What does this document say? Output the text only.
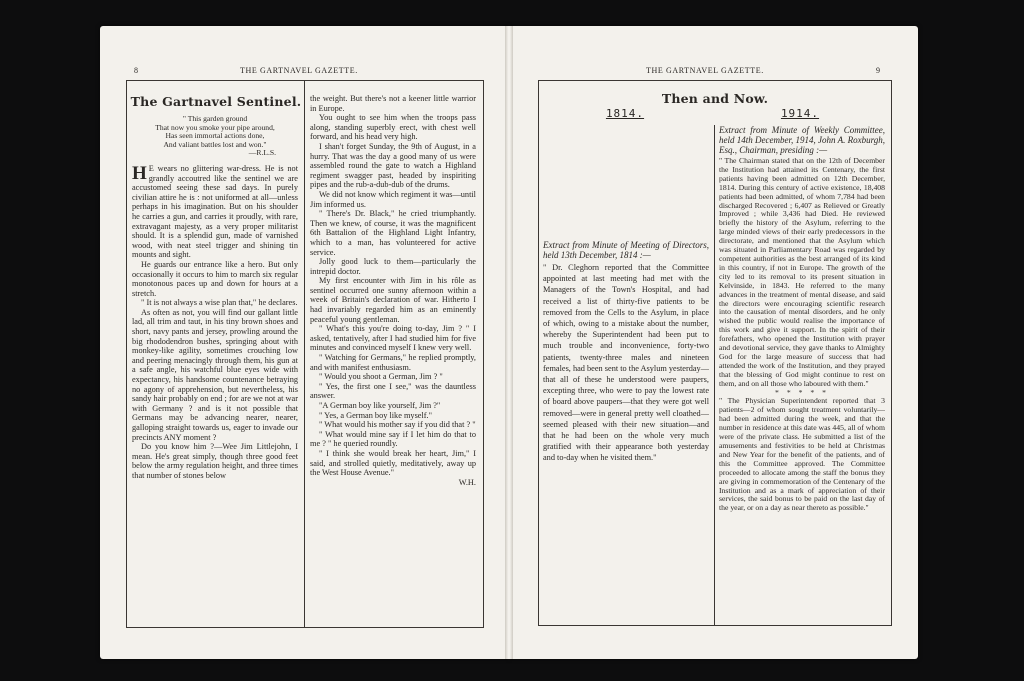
8	THE GARTNAVEL GAZETTE.
The Gartnavel Sentinel.
" This garden ground
That now you smoke your pipe around,
Has seen immortal actions done,
And valiant battles lost and won."
—R.L.S.

H E wears no glittering war-dress. He is not grandly accoutred like the sentinel we are accustomed seeing these sad days. In purely civilian attire he is : not uniformed at all—unless perhaps in his imagination. But on his shoulder he carries a gun, and carries it proudly, with rare, extravagant majesty, as a very proper militarist should. It is a splendid gun, made of varnished wood, with neat steel trigger and shining tin mounts and sight.

He guards our entrance like a hero. But only occasionally it occurs to him to march six regular monotonous paces up and down for hours at a stretch.

" It is not always a wise plan that," he declares.

As often as not, you will find our gallant little lad, all trim and taut, in his tiny brown shoes and short, navy pants and jersey, prowling around the big rhododendron bushes, springing about with monkey-like agility, sometimes crouching low and peering menacingly through them, his gun at a safe angle, his watchful blue eyes wide with expectancy, his handsome countenance betraying no agony of apprehension, but nevertheless, his sandy hair probably on end ; for are we not at war with Germany ? and is it not possible that Germans may be advancing nearer, nearer, galloping straight towards us, eager to invade our precincts ANY moment ?

Do you know him ?—Wee Jim Littlejohn, I mean. He's great simply, though three good feet below the army regulation height, and three times that number of stones below

the weight. But there's not a keener little warrior in Europe.

You ought to see him when the troops pass along, standing superbly erect, with chest well forward, and his head very high.

I shan't forget Sunday, the 9th of August, in a hurry. That was the day a good many of us were assembled round the gate to watch a Highland regiment swagger past, headed by inspiriting pipes and the rub-a-dub-dub of the drums.

We did not know which regiment it was—until Jim informed us.

" There's Dr. Black," he cried triumphantly. Then we knew, of course, it was the magnificent 6th Battalion of the Highland Light Infantry, which to a man, has volunteered for active service.

Jolly good luck to them—particularly the intrepid doctor.

My first encounter with Jim in his rôle as sentinel occurred one sunny afternoon within a week of Britain's declaration of war. Hitherto I had invariably regarded him as an eminently peaceful young gentleman.

" What's this you're doing to-day, Jim ? " I asked, tentatively, after I had studied him for five minutes and convinced myself I knew very well.

" Watching for Germans," he replied promptly, and with manifest enthusiasm.

" Would you shoot a German, Jim ? "

" Yes, the first one I see," was the dauntless answer.

"A German boy like yourself, Jim ?"

" Yes, a German boy like myself."

" What would his mother say if you did that ? "

" What would mine say if I let him do that to me ? " he queried roundly.

" I think she would break her heart, Jim," I said, and strolled quietly, meditatively, away up the West House Avenue."

W.H.
THE GARTNAVEL GAZETTE.	9
Then and Now.
1814.	1914.
Extract from Minute of Meeting of Directors, held 13th December, 1814 :—

" Dr. Cleghorn reported that the Committee appointed at last meeting had met with the Managers of the Town's Hospital, and had received a list of thirty-five patients to be removed from the Cells to the Asylum, in place of which, owing to a mistake about the number, whereby the Superintendent had been put to much trouble and inconvenience, forty-two patients, twenty-three males and nineteen females, had been sent to the Asylum yesterday—that all of these he understood were paupers, excepting three, who were to pay the lowest rate of board above paupers—that they were got well removed—were in general pretty well cloathed—seemed pleased with their new situation—and that he had been on the whole very much gratified with their appearance both yesterday and to-day when he visited them."

Extract from Minute of Weekly Committee, held 14th December, 1914, John A. Roxburgh, Esq., Chairman, presiding :—

" The Chairman stated that on the 12th of December the Institution had attained its Centenary, the first patients having been admitted on 12th December, 1814. During this century of active existence, 18,408 patients had been admitted, of whom 7,784 had been discharged Recovered ; 6,407 as Relieved or Greatly Improved ; while 3,436 had Died. He reviewed briefly the history of the Asylum, referring to the large minded views of their early predecessors in the directorate, and mentioned that the Asylum which was situated in Parliamentary Road was regarded by competent authorities as the best arranged of its kind in this country, if not in Europe. The growth of the city led to its removal to its present situation in Kelvinside, in 1843. He referred to the many advances in the treatment of mental disease, and said the directors were encouraging scientific research into the causation of mental disorders, and he only wished the public would realise the importance of this work and give it support. In the spirit of their forefathers, who opened the Institution with prayer and devotional service, they gave thanks to Almighty God for the large measure of success that had attended the work of the Institution, and they prayed that the blessing of God might continue to rest on them, and on all those who laboured with them."

* * * * *

" The Physician Superintendent reported that 3 patients—2 of whom sought treatment voluntarily—had been admitted during the week, and that the number in residence at this date was 445, all of whom were of the private class. He submitted a list of the amusements and festivities to be held at Christmas and New Year for the benefit of the patients, and of this the Committee approved. The Committee proceeded to allocate among the staff the bonus they are giving in commemoration of the Centenary of the Institution and as a mark of appreciation of their services, the said bonus to be paid on the last day of the year, or on a day as near thereto as possible."
